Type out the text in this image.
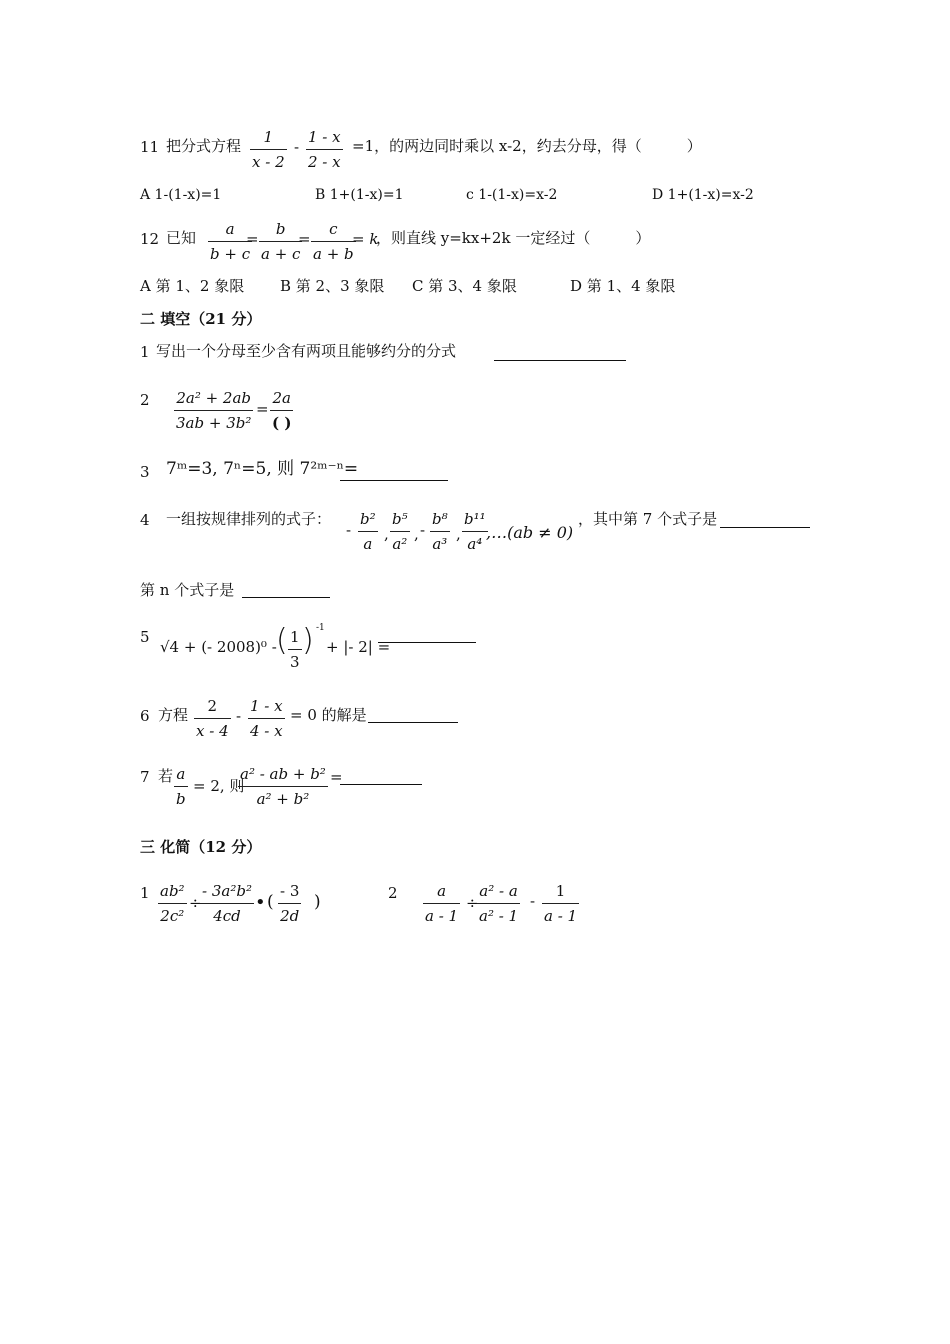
11 把分式方程 1
x - 2
-
1 - x
2 - x
=1，的两边同时乘以 x-2，约去分母，得（　　　）
A 1-(1-x)=1	B 1+(1-x)=1	c 1-(1-x)=x-2	D 1+(1-x)=x-2
12 已知 a
b + c
=
b
a + c
=
c
a + b
= k
，则直线 y=kx+2k 一定经过（　　　）
A 第 1、2 象限 B 第 2、3 象限 C 第 3、4 象限	D 第 1、4 象限
二 填空（21 分）
1 写出一个分母至少含有两项且能够约分的分式
2 2a² + 2ab
3ab + 3b²
=
2a
( )
3 7ᵐ=3, 7ⁿ=5, 则 7²ᵐ⁻ⁿ=
4 一组按规律排列的式子：
-
b²
a
,
b⁵
a²
, -
b⁸
a³
,
b¹¹
a⁴
,…(ab ≠ 0)
，其中第 7 个式子是
第 n 个式子是
5
√4 + (- 2008)⁰ - ( 1
3
) -1
+ |- 2| =
6 方程 2
x - 4
-
1 - x
4 - x
= 0 的解是
7 若 a
b
= 2, 则
a² - ab + b²
a² + b²
=
三 化简（12 分）
1 ab²
2c²
÷
- 3a²b²
4cd
• (
- 3
2d
)	2	a
a - 1
÷
a² - a
a² - 1
-
1
a - 1
